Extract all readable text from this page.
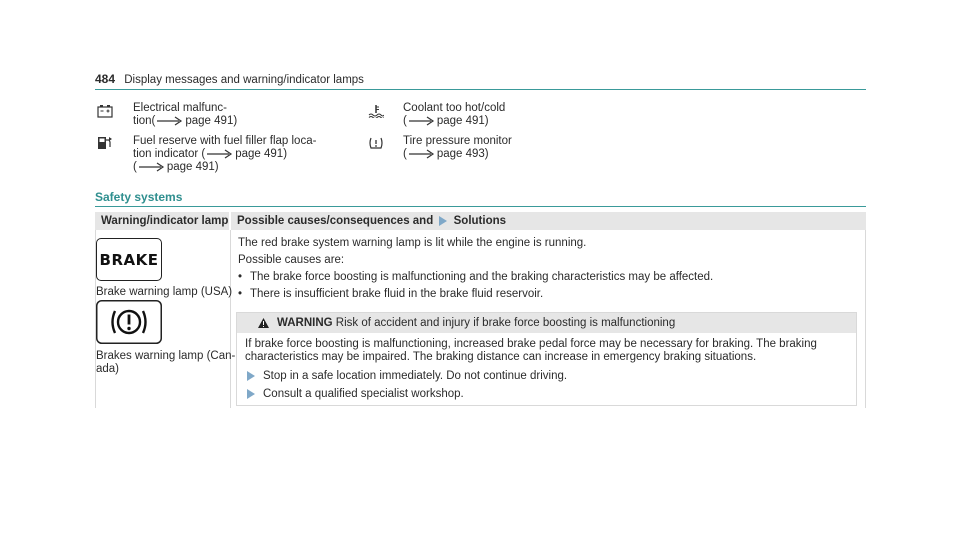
484 Display messages and warning/indicator lamps
Electrical malfunc-
tion(	page 491)
Coolant too hot/cold
(	page 491)
Fuel reserve with fuel filler flap loca-
tion indicator (	page 491)
(	page 491)
Tire pressure monitor
(	page 493)
Safety systems
Warning/indicator lamp Possible causes/consequences and Solutions
BRAKE
Brake warning lamp (USA)
Brakes warning lamp (Can-
ada)
The red brake system warning lamp is lit while the engine is running.
Possible causes are:
• The brake force boosting is malfunctioning and the braking characteristics may be affected.
• There is insufficient brake fluid in the brake fluid reservoir.
WARNING Risk of accident and injury if brake force boosting is malfunctioning
If brake force boosting is malfunctioning, increased brake pedal force may be necessary for braking. The braking
characteristics may be impaired. The braking distance can increase in emergency braking situations.
Stop in a safe location immediately. Do not continue driving.
Consult a qualified specialist workshop.
